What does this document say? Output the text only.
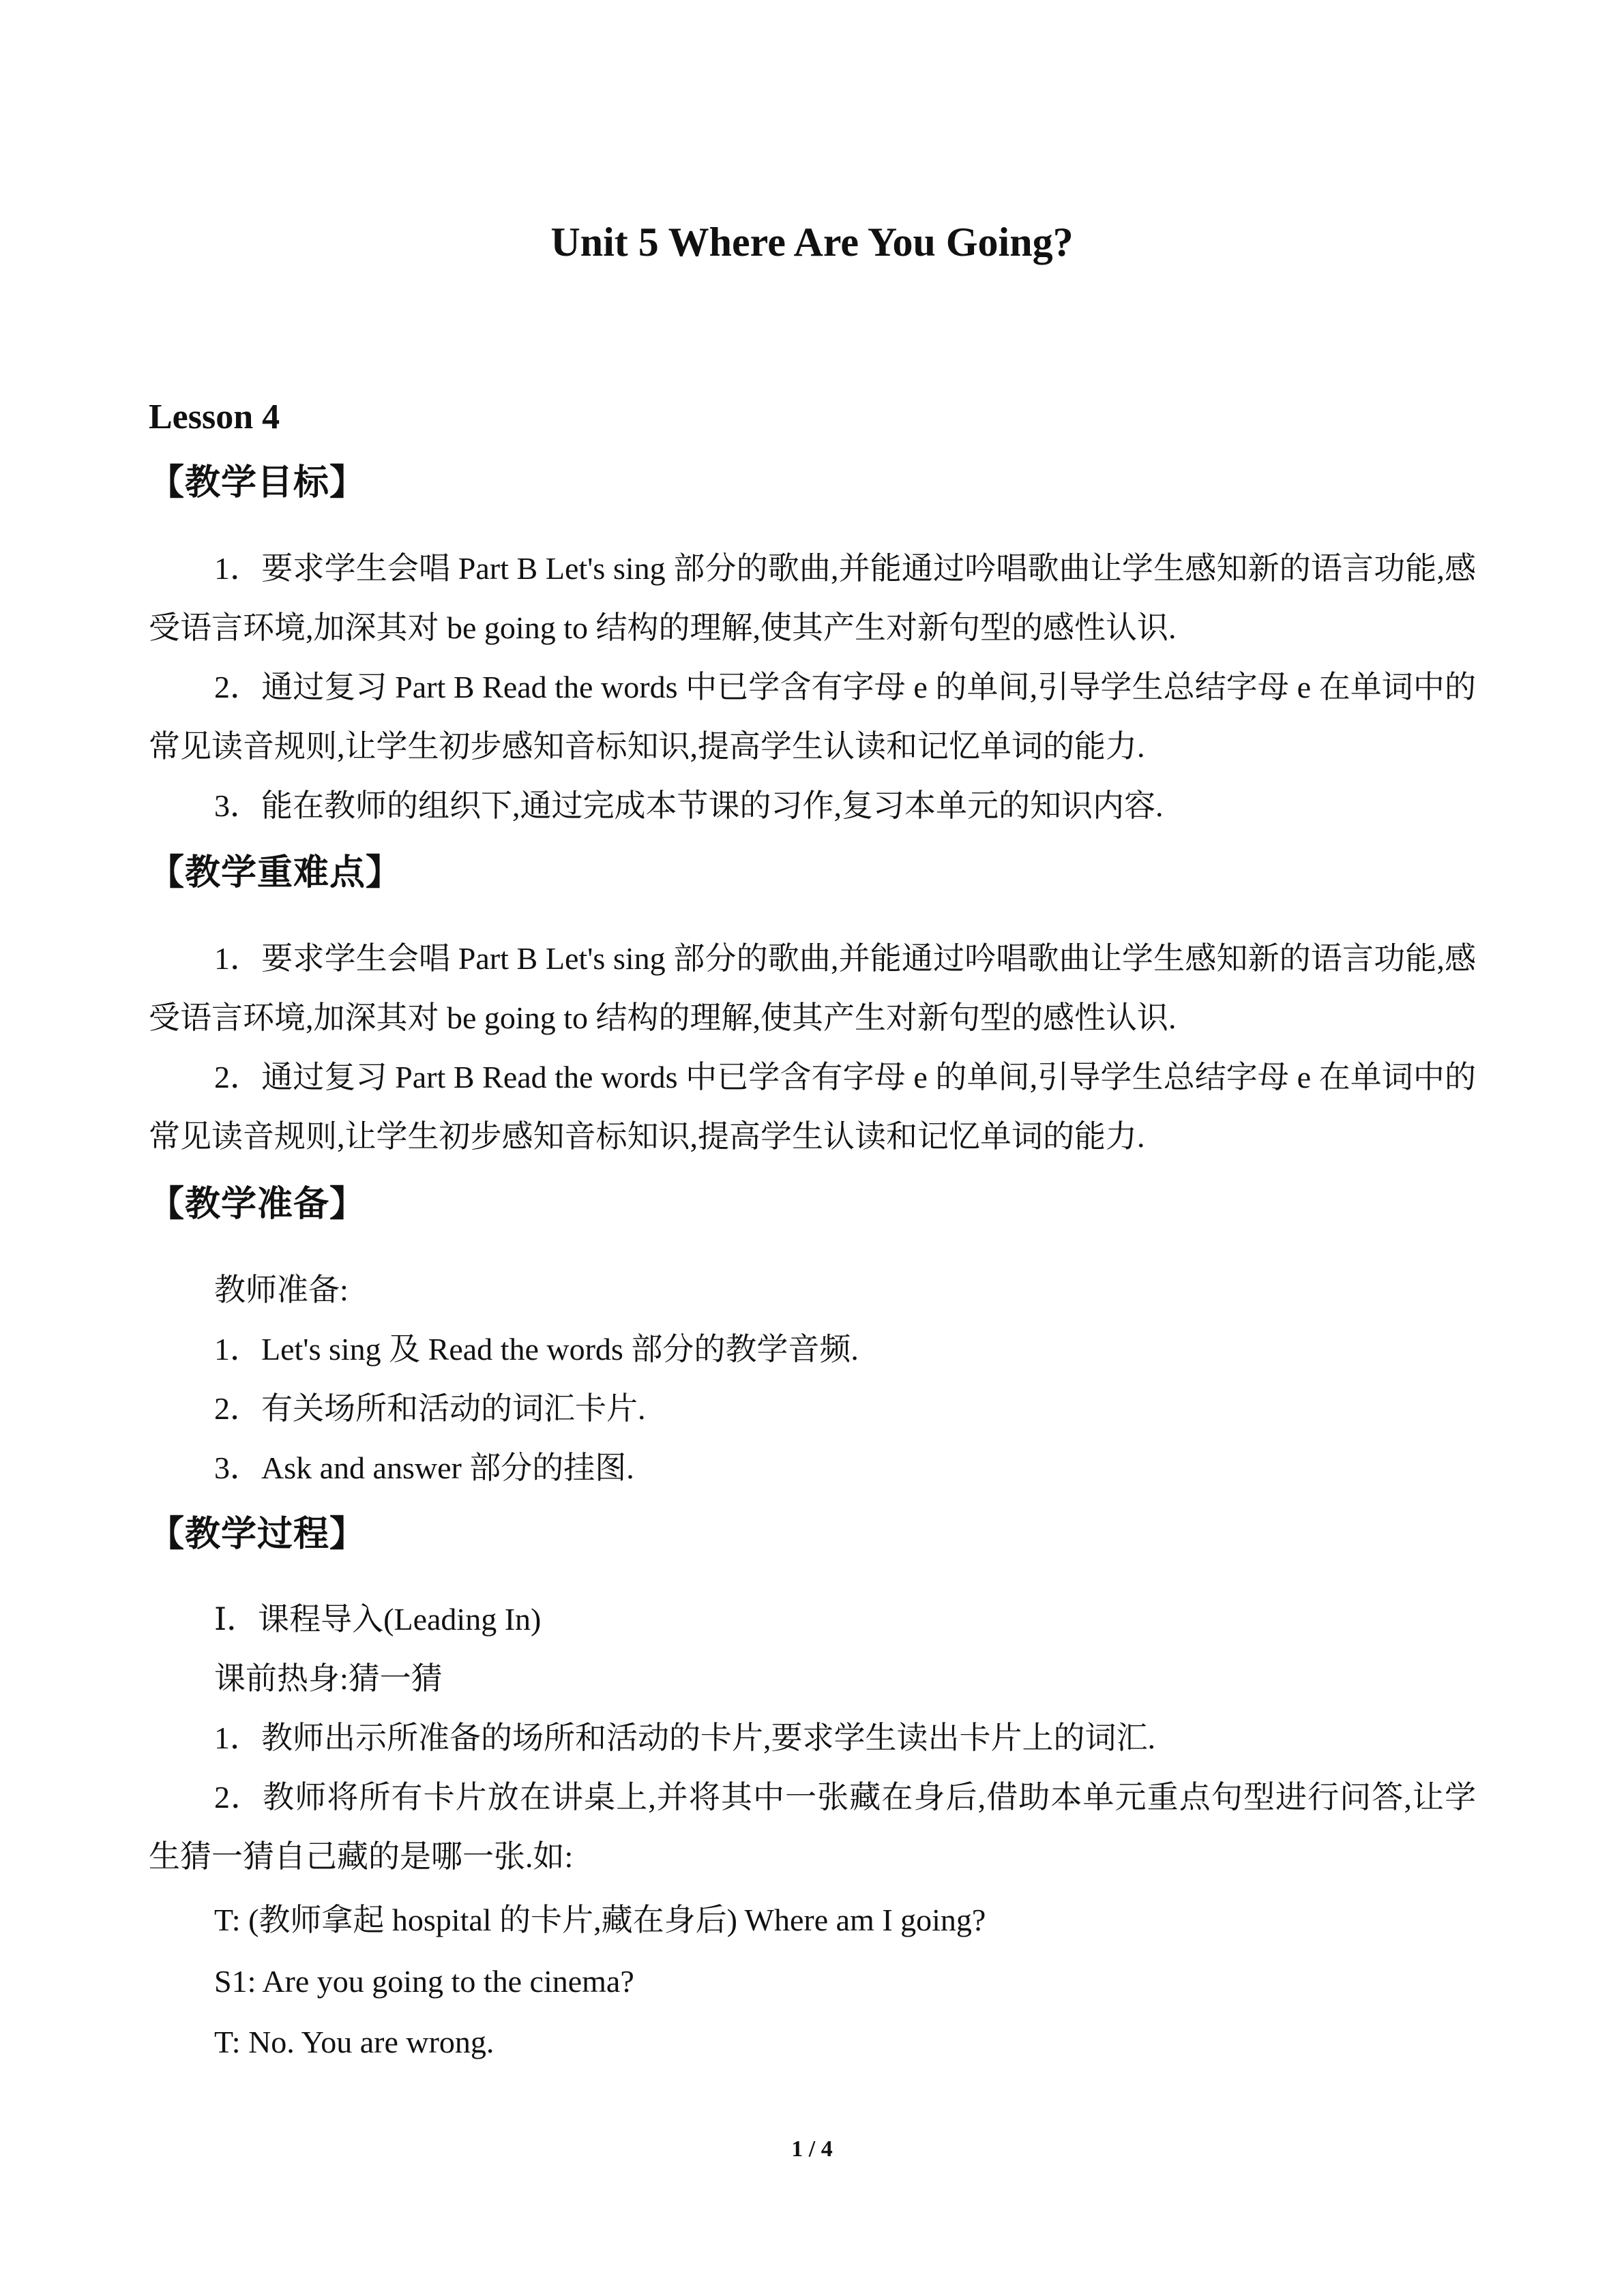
Unit 5 Where Are You Going?
Lesson 4
【教学目标】

1．要求学生会唱 Part B Let's sing 部分的歌曲,并能通过吟唱歌曲让学生感知新的语言功能,感受语言环境,加深其对 be going to 结构的理解,使其产生对新句型的感性认识.

2．通过复习 Part B Read the words 中已学含有字母 e 的单间,引导学生总结字母 e 在单词中的常见读音规则,让学生初步感知音标知识,提高学生认读和记忆单词的能力.

3．能在教师的组织下,通过完成本节课的习作,复习本单元的知识内容.

【教学重难点】

1．要求学生会唱 Part B Let's sing 部分的歌曲,并能通过吟唱歌曲让学生感知新的语言功能,感受语言环境,加深其对 be going to 结构的理解,使其产生对新句型的感性认识.

2．通过复习 Part B Read the words 中已学含有字母 e 的单间,引导学生总结字母 e 在单词中的常见读音规则,让学生初步感知音标知识,提高学生认读和记忆单词的能力.

【教学准备】

教师准备:

1．Let's sing 及 Read the words 部分的教学音频.

2．有关场所和活动的词汇卡片.

3．Ask and answer 部分的挂图.

【教学过程】

Ⅰ．课程导入(Leading In)

课前热身:猜一猜

1．教师出示所准备的场所和活动的卡片,要求学生读出卡片上的词汇.

2．教师将所有卡片放在讲桌上,并将其中一张藏在身后,借助本单元重点句型进行问答,让学生猜一猜自己藏的是哪一张.如:

T: (教师拿起 hospital 的卡片,藏在身后) Where am I going?

S1: Are you going to the cinema?

T: No. You are wrong.

1 / 4
